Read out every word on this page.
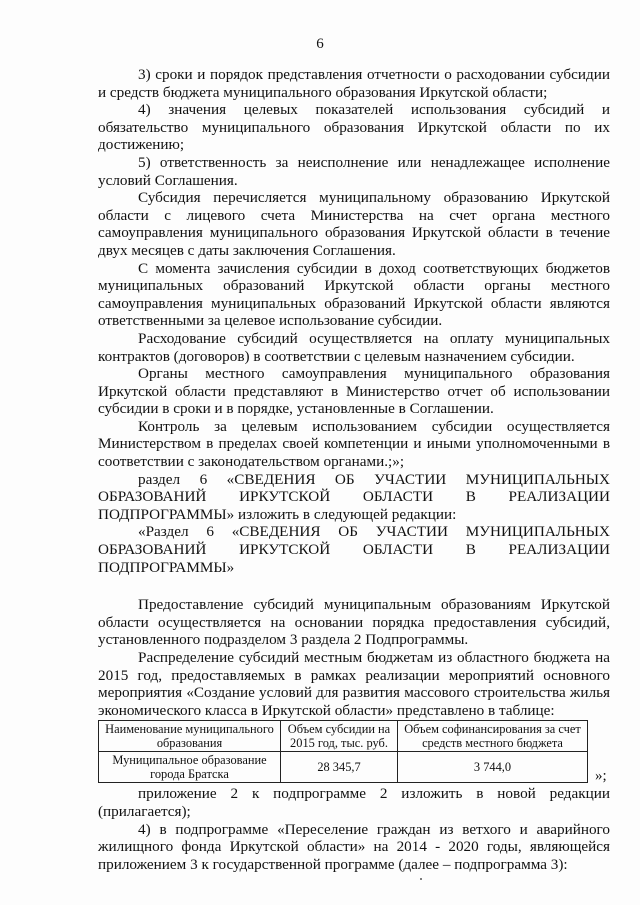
6

3) сроки и порядок представления отчетности о расходовании субсидии и средств бюджета муниципального образования Иркутской области;

4) значения целевых показателей использования субсидий и обязательство муниципального образования Иркутской области по их достижению;

5) ответственность за неисполнение или ненадлежащее исполнение условий Соглашения.

Субсидия перечисляется муниципальному образованию Иркутской области с лицевого счета Министерства на счет органа местного самоуправления муниципального образования Иркутской области в течение двух месяцев с даты заключения Соглашения.

С момента зачисления субсидии в доход соответствующих бюджетов муниципальных образований Иркутской области органы местного самоуправления муниципальных образований Иркутской области являются ответственными за целевое использование субсидии.

Расходование субсидий осуществляется на оплату муниципальных контрактов (договоров) в соответствии с целевым назначением субсидии.

Органы местного самоуправления муниципального образования Иркутской области представляют в Министерство отчет об использовании субсидии в сроки и в порядке, установленные в Соглашении.

Контроль за целевым использованием субсидии осуществляется Министерством в пределах своей компетенции и иными уполномоченными в соответствии с законодательством органами.;»;

раздел 6 «СВЕДЕНИЯ ОБ УЧАСТИИ МУНИЦИПАЛЬНЫХ ОБРАЗОВАНИЙ ИРКУТСКОЙ ОБЛАСТИ В РЕАЛИЗАЦИИ ПОДПРОГРАММЫ» изложить в следующей редакции:

«Раздел 6 «СВЕДЕНИЯ ОБ УЧАСТИИ МУНИЦИПАЛЬНЫХ ОБРАЗОВАНИЙ ИРКУТСКОЙ ОБЛАСТИ В РЕАЛИЗАЦИИ ПОДПРОГРАММЫ»

Предоставление субсидий муниципальным образованиям Иркутской области осуществляется на основании порядка предоставления субсидий, установленного подразделом 3 раздела 2 Подпрограммы.

Распределение субсидий местным бюджетам из областного бюджета на 2015 год, предоставляемых в рамках реализации мероприятий основного мероприятия «Создание условий для развития массового строительства жилья экономического класса в Иркутской области» представлено в таблице:

Наименование муниципального образования	Объем субсидии на 2015 год, тыс. руб.	Объем софинансирования за счет средств местного бюджета
Муниципальное образование города Братска	28 345,7	3 744,0
»;

приложение 2 к подпрограмме 2 изложить в новой редакции (прилагается);

4) в подпрограмме «Переселение граждан из ветхого и аварийного жилищного фонда Иркутской области» на 2014 - 2020 годы, являющейся приложением 3 к государственной программе (далее – подпрограмма 3):
